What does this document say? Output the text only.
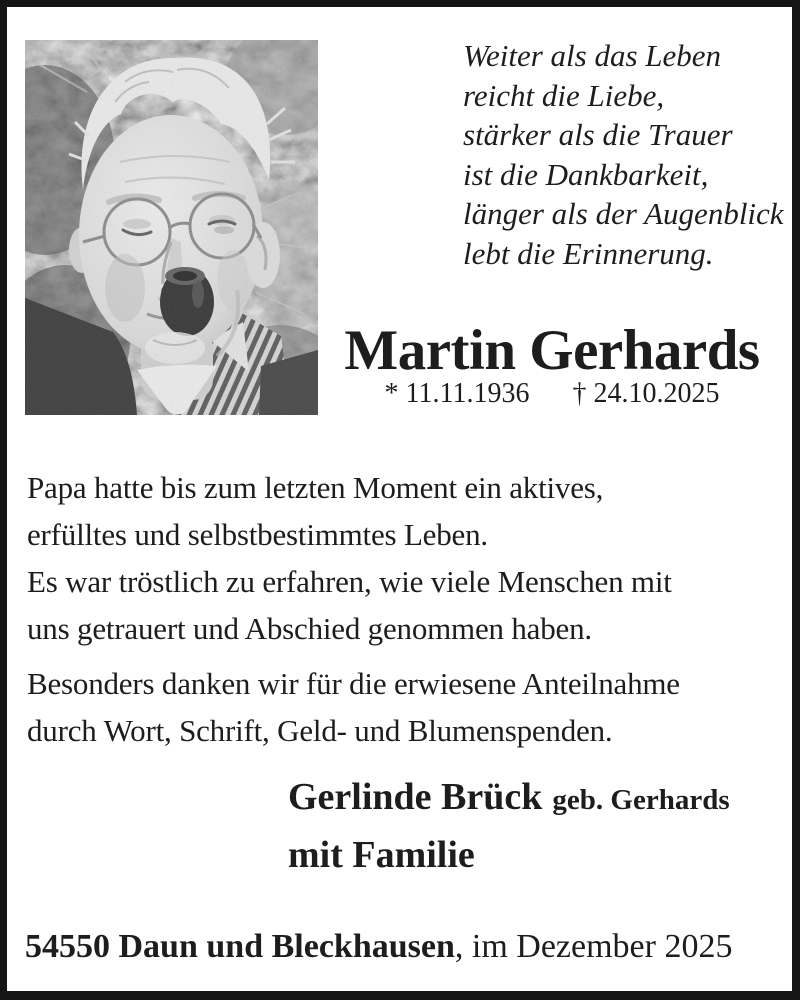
Weiter als das Leben
reicht die Liebe,
stärker als die Trauer
ist die Dankbarkeit,
länger als der Augenblick
lebt die Erinnerung.
Martin Gerhards
* 11.11.1936 † 24.10.2025
Papa hatte bis zum letzten Moment ein aktives,
erfülltes und selbstbestimmtes Leben.
Es war tröstlich zu erfahren, wie viele Menschen mit
uns getrauert und Abschied genommen haben.
Besonders danken wir für die erwiesene Anteilnahme
durch Wort, Schrift, Geld- und Blumenspenden.
Gerlinde Brück geb. Gerhards
mit Familie
54550 Daun und Bleckhausen, im Dezember 2025
